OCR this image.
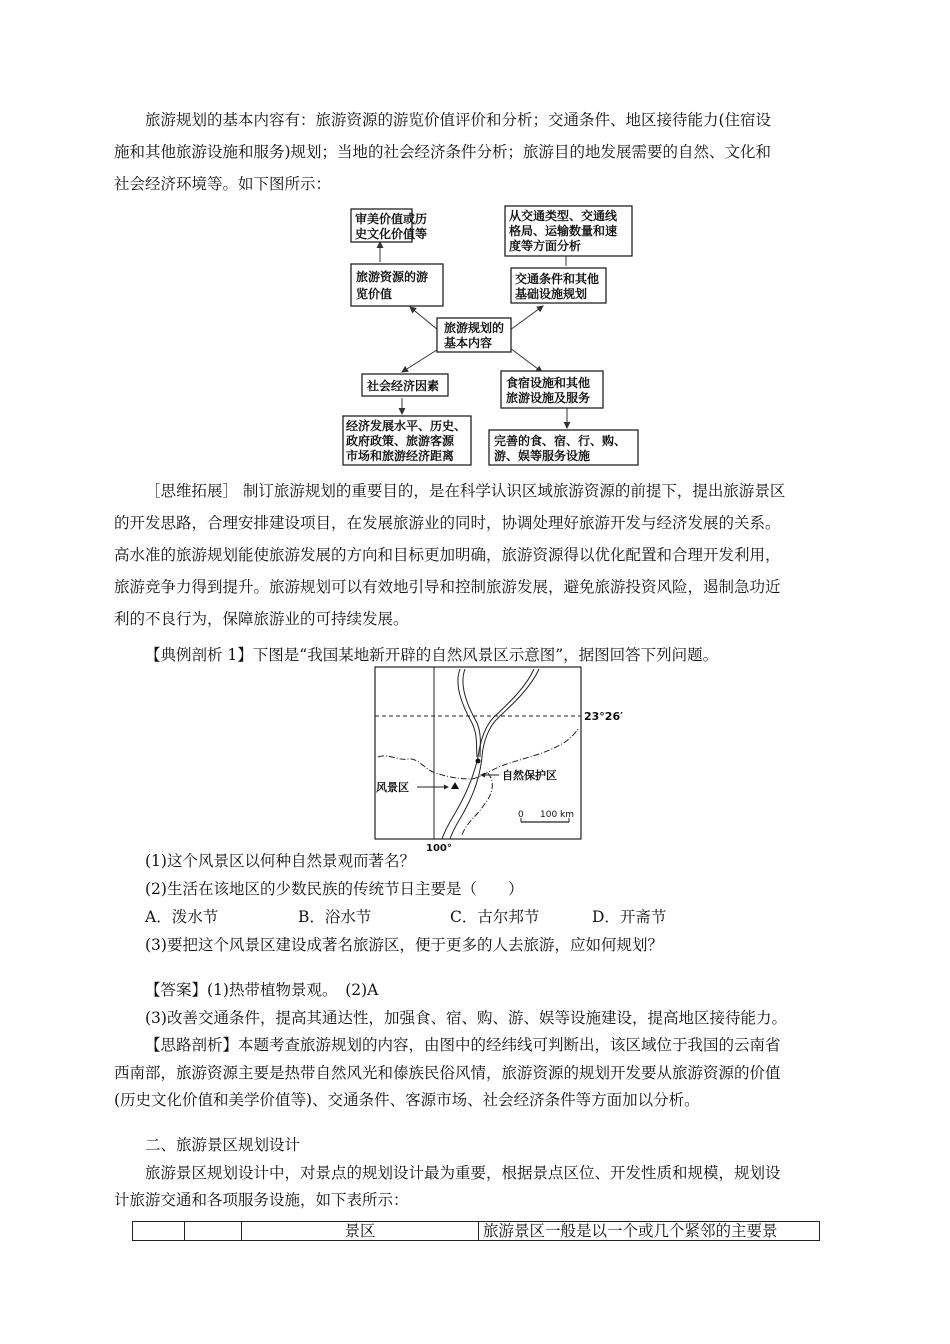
旅游规划的基本内容有：旅游资源的游览价值评价和分析；交通条件、地区接待能力(住宿设
施和其他旅游设施和服务)规划；当地的社会经济条件分析；旅游目的地发展需要的自然、文化和
社会经济环境等。如下图所示：
审美价值或历
史文化价值等
旅游资源的游
览价值
从交通类型、交通线
格局、运输数量和速
度等方面分析
交通条件和其他
基础设施规划
旅游规划的
基本内容
社会经济因素
经济发展水平、历史、
政府政策、旅游客源
市场和旅游经济距离
食宿设施和其他
旅游设施及服务
完善的食、宿、行、购、
游、娱等服务设施
［思维拓展］ 制订旅游规划的重要目的，是在科学认识区域旅游资源的前提下，提出旅游景区
的开发思路，合理安排建设项目，在发展旅游业的同时，协调处理好旅游开发与经济发展的关系。
高水准的旅游规划能使旅游发展的方向和目标更加明确，旅游资源得以优化配置和合理开发利用，
旅游竞争力得到提升。旅游规划可以有效地引导和控制旅游发展，避免旅游投资风险，遏制急功近
利的不良行为，保障旅游业的可持续发展。
【典例剖析 1】下图是“我国某地新开辟的自然风景区示意图”，据图回答下列问题。
风景区
自然保护区
0 100 km
23°26′
100°
(1)这个风景区以何种自然景观而著名？
(2)生活在该地区的少数民族的传统节日主要是（　　）
A．泼水节	B．浴水节	C．古尔邦节	D．开斋节
(3)要把这个风景区建设成著名旅游区，便于更多的人去旅游，应如何规划？
【答案】(1)热带植物景观。　(2)A
(3)改善交通条件，提高其通达性，加强食、宿、购、游、娱等设施建设，提高地区接待能力。
【思路剖析】本题考查旅游规划的内容，由图中的经纬线可判断出，该区域位于我国的云南省
西南部，旅游资源主要是热带自然风光和傣族民俗风情，旅游资源的规划开发要从旅游资源的价值
(历史文化价值和美学价值等)、交通条件、客源市场、社会经济条件等方面加以分析。
二、旅游景区规划设计
旅游景区规划设计中，对景点的规划设计最为重要，根据景点区位、开发性质和规模，规划设
计旅游交通和各项服务设施，如下表所示：
		景区	旅游景区一般是以一个或几个紧邻的主要景
